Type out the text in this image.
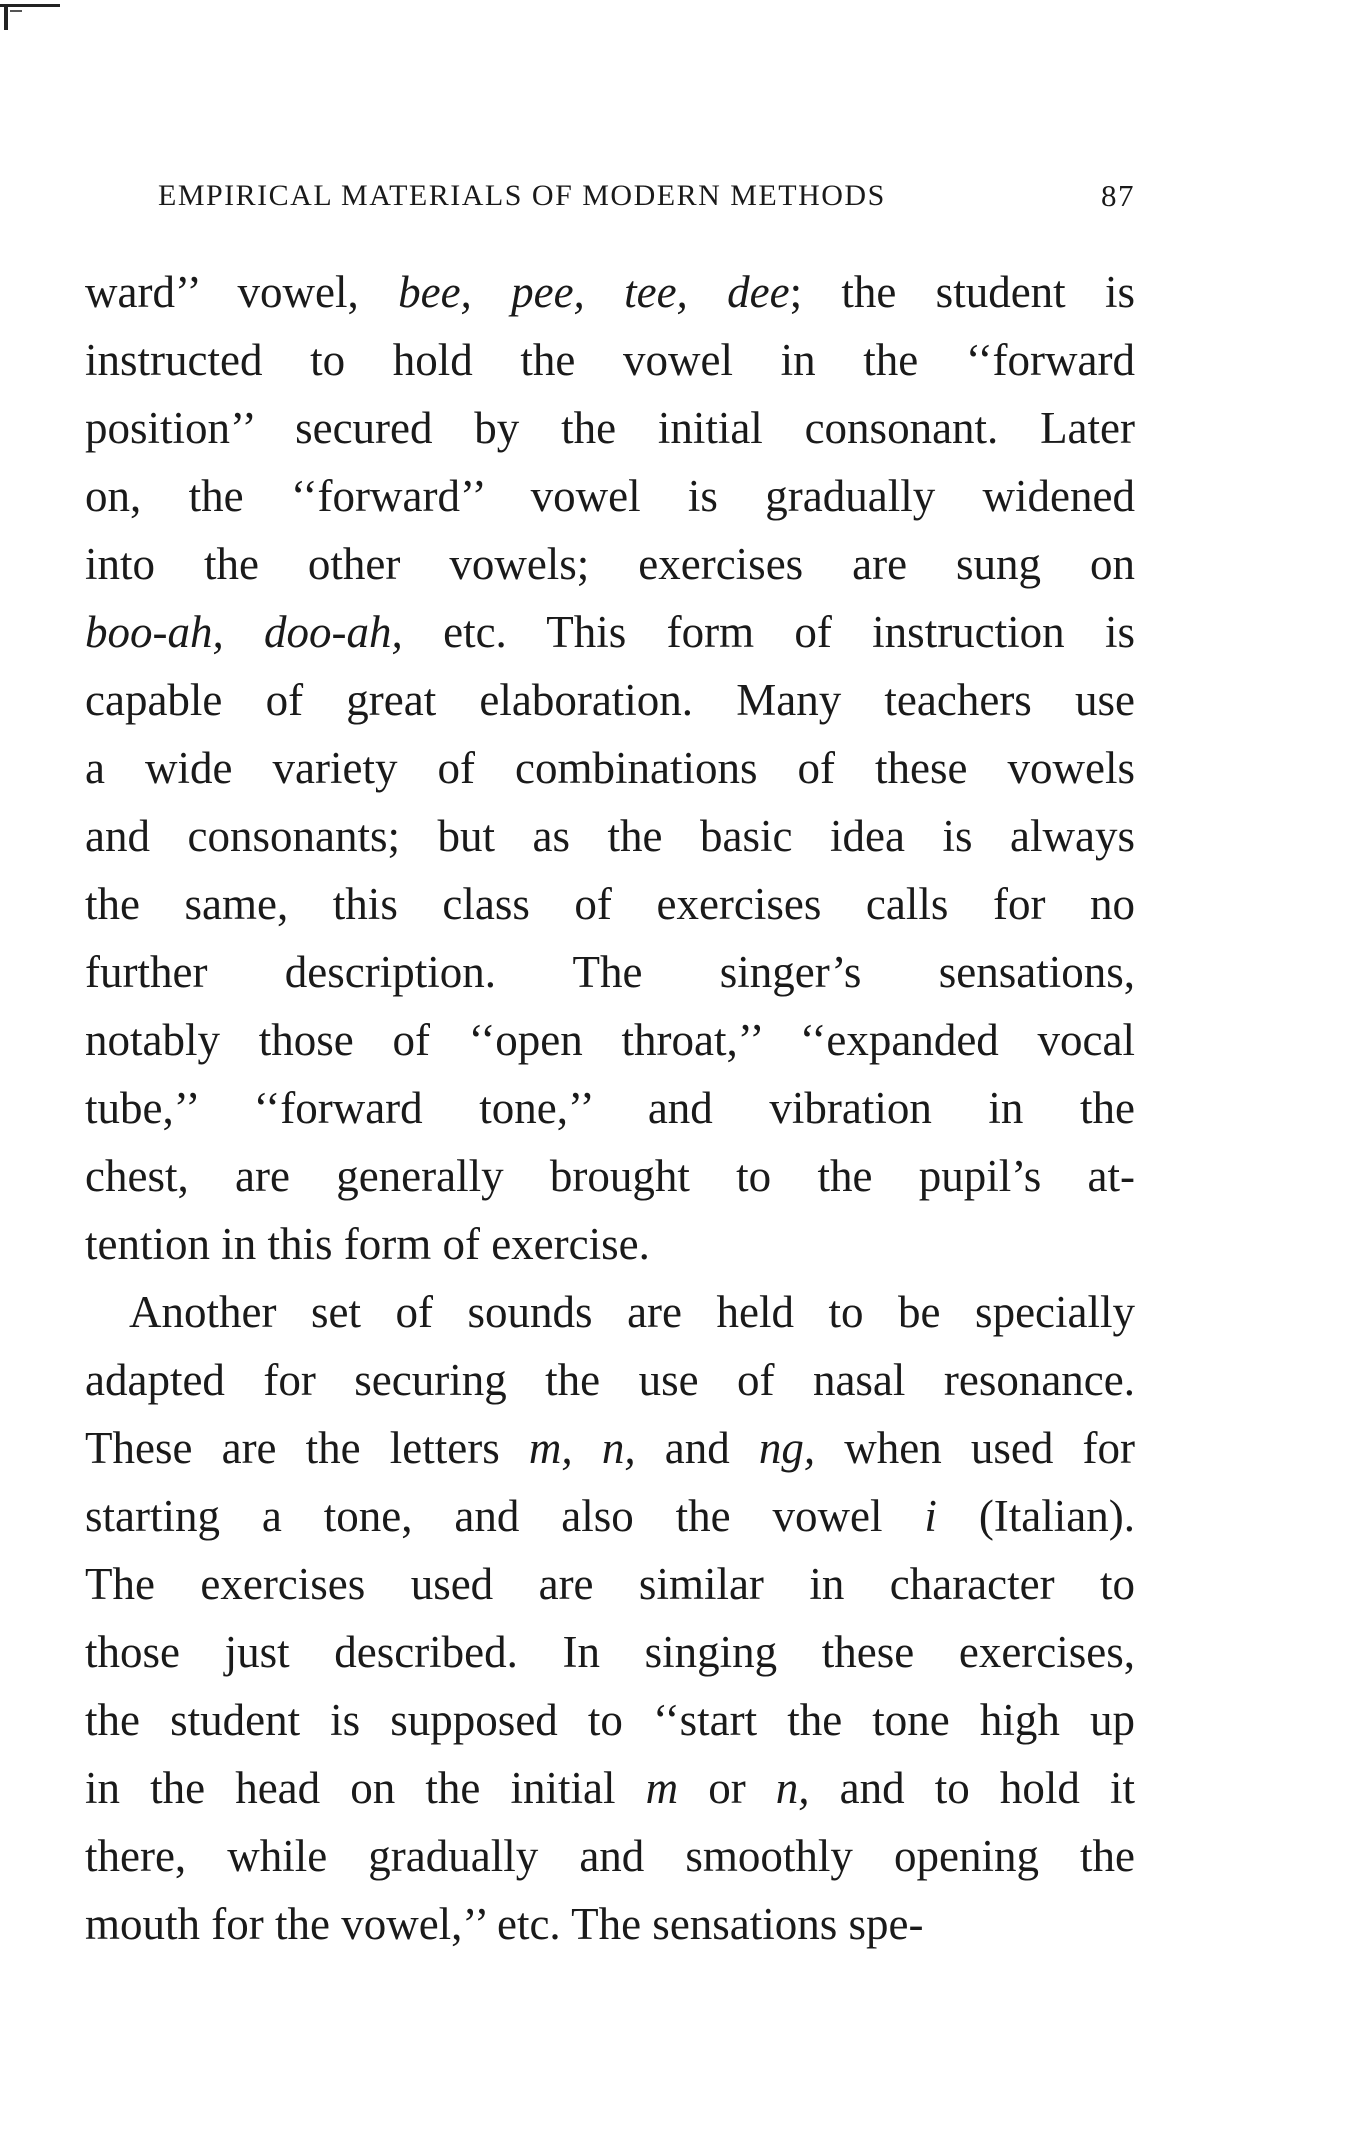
EMPIRICAL MATERIALS OF MODERN METHODS	87
ward’’ vowel, bee, pee, tee, dee; the student is
instructed to hold the vowel in the ‘‘forward
position’’ secured by the initial consonant. Later
on, the ‘‘forward’’ vowel is gradually widened
into the other vowels; exercises are sung on
boo-ah, doo-ah, etc. This form of instruction is
capable of great elaboration. Many teachers use
a wide variety of combinations of these vowels
and consonants; but as the basic idea is always
the same, this class of exercises calls for no
further description. The singer’s sensations,
notably those of ‘‘open throat,’’ ‘‘expanded vocal
tube,’’ ‘‘forward tone,’’ and vibration in the
chest, are generally brought to the pupil’s at-
tention in this form of exercise.
Another set of sounds are held to be specially
adapted for securing the use of nasal resonance.
These are the letters m, n, and ng, when used for
starting a tone, and also the vowel i (Italian).
The exercises used are similar in character to
those just described. In singing these exercises,
the student is supposed to ‘‘start the tone high up
in the head on the initial m or n, and to hold it
there, while gradually and smoothly opening the
mouth for the vowel,’’ etc. The sensations spe-
